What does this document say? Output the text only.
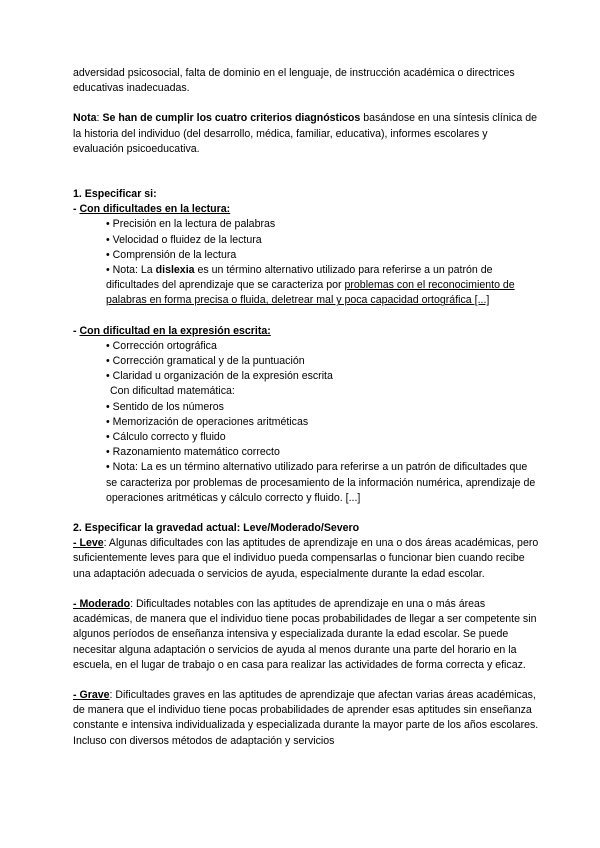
adversidad psicosocial, falta de dominio en el lenguaje, de instrucción académica o directrices educativas inadecuadas.

Nota: Se han de cumplir los cuatro criterios diagnósticos basándose en una síntesis clínica de la historia del individuo (del desarrollo, médica, familiar, educativa), informes escolares y evaluación psicoeducativa.

1. Especificar si:

- Con dificultades en la lectura:

• Precisión en la lectura de palabras

• Velocidad o fluidez de la lectura

• Comprensión de la lectura

• Nota: La dislexia es un término alternativo utilizado para referirse a un patrón de dificultades del aprendizaje que se caracteriza por problemas con el reconocimiento de palabras en forma precisa o fluida, deletrear mal y poca capacidad ortográfica [...]

- Con dificultad en la expresión escrita:

• Corrección ortográfica

• Corrección gramatical y de la puntuación

• Claridad u organización de la expresión escrita

Con dificultad matemática:

• Sentido de los números

• Memorización de operaciones aritméticas

• Cálculo correcto y fluido

• Razonamiento matemático correcto

• Nota: La es un término alternativo utilizado para referirse a un patrón de dificultades que se caracteriza por problemas de procesamiento de la información numérica, aprendizaje de operaciones aritméticas y cálculo correcto y fluido. [...]

2. Especificar la gravedad actual: Leve/Moderado/Severo

- Leve: Algunas dificultades con las aptitudes de aprendizaje en una o dos áreas académicas, pero suficientemente leves para que el individuo pueda compensarlas o funcionar bien cuando recibe una adaptación adecuada o servicios de ayuda, especialmente durante la edad escolar.

- Moderado: Dificultades notables con las aptitudes de aprendizaje en una o más áreas académicas, de manera que el individuo tiene pocas probabilidades de llegar a ser competente sin algunos períodos de enseñanza intensiva y especializada durante la edad escolar. Se puede necesitar alguna adaptación o servicios de ayuda al menos durante una parte del horario en la escuela, en el lugar de trabajo o en casa para realizar las actividades de forma correcta y eficaz.

- Grave: Dificultades graves en las aptitudes de aprendizaje que afectan varias áreas académicas, de manera que el individuo tiene pocas probabilidades de aprender esas aptitudes sin enseñanza constante e intensiva individualizada y especializada durante la mayor parte de los años escolares. Incluso con diversos métodos de adaptación y servicios
